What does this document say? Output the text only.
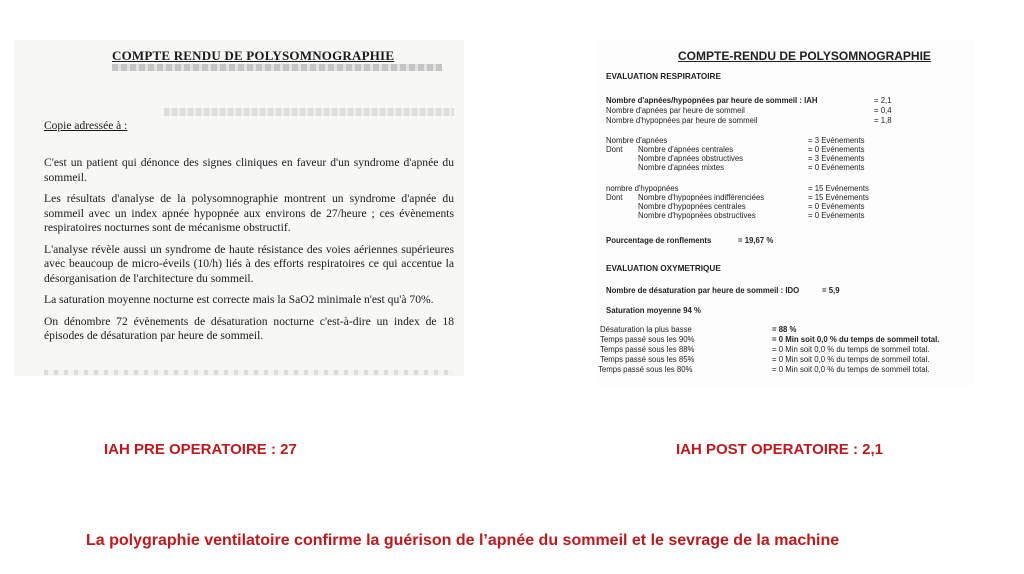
COMPTE RENDU DE POLYSOMNOGRAPHIE
Copie adressée à :

C'est un patient qui dénonce des signes cliniques en faveur d'un syndrome d'apnée du sommeil.

Les résultats d'analyse de la polysomnographie montrent un syndrome d'apnée du sommeil avec un index apnée hypopnée aux environs de 27/heure ; ces évènements respiratoires nocturnes sont de mécanisme obstructif.

L'analyse révèle aussi un syndrome de haute résistance des voies aériennes supérieures avec beaucoup de micro-éveils (10/h) liés à des efforts respiratoires ce qui accentue la désorganisation de l'architecture du sommeil.

La saturation moyenne nocturne est correcte mais la SaO2 minimale n'est qu'à 70%.

On dénombre 72 évènements de désaturation nocturne c'est-à-dire un index de 18 épisodes de désaturation par heure de sommeil.

COMPTE-RENDU DE POLYSOMNOGRAPHIE
EVALUATION RESPIRATOIRE
Nombre d'apnées/hypopnées par heure de sommeil : IAH	= 2,1
Nombre d'apnées par heure de sommeil	= 0,4
Nombre d'hypopnées par heure de sommeil	= 1,8
Nombre d'apnées	= 3 Evénements
Dont Nombre d'apnées centrales	= 0 Evénements
Nombre d'apnées obstructives	= 3 Evénements
Nombre d'apnées mixtes	= 0 Evénements
nombre d'hypopnées	= 15 Evénements
Dont Nombre d'hypopnées indifférenciées	= 15 Evénements
Nombre d'hypopnées centrales	= 0 Evénements
Nombre d'hypopnées obstructives	= 0 Evénements
Pourcentage de ronflements	= 19,67 %
EVALUATION OXYMETRIQUE
Nombre de désaturation par heure de sommeil : IDO	= 5,9
Saturation moyenne 94 %
Désaturation la plus basse	= 88 %
Temps passé sous les 90%	= 0 Min soit 0,0 % du temps de sommeil total.
Temps passé sous les 88%	= 0 Min soit 0,0 % du temps de sommeil total.
Temps passé sous les 85%	= 0 Min soit 0,0 % du temps de sommeil total.
Temps passé sous les 80%	= 0 Min soit 0,0 % du temps de sommeil total.
IAH PRE OPERATOIRE : 27	IAH POST OPERATOIRE : 2,1
La polygraphie ventilatoire confirme la guérison de l’apnée du sommeil et le sevrage de la machine
